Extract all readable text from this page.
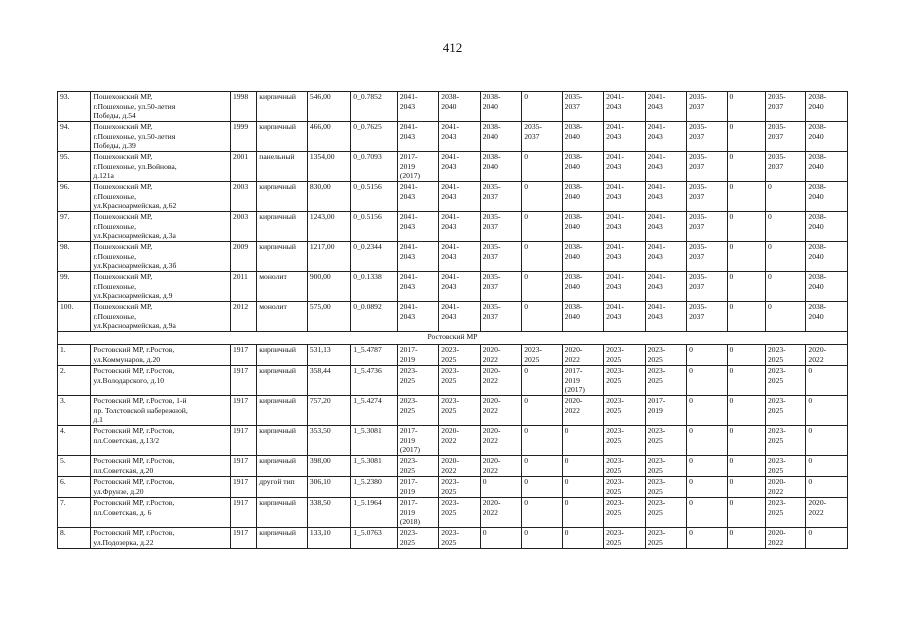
412
93.	Пошехонский МР,
г.Пошехонье, ул.50-летия
Победы, д.54	1998	кирпичный	546,00	0_0.7852	2041-
2043	2038-
2040	2038-
2040	0	2035-
2037	2041-
2043	2041-
2043	2035-
2037	0	2035-
2037	2038-
2040
94.	Пошехонский МР,
г.Пошехонье, ул.50-летия
Победы, д.39	1999	кирпичный	466,00	0_0.7625	2041-
2043	2041-
2043	2038-
2040	2035-
2037	2038-
2040	2041-
2043	2041-
2043	2035-
2037	0	2035-
2037	2038-
2040
95.	Пошехонский МР,
г.Пошехонье, ул.Войнова,
д.121а	2001	панельный	1354,00	0_0.7093	2017-
2019
(2017)	2041-
2043	2038-
2040	0	2038-
2040	2041-
2043	2041-
2043	2035-
2037	0	2035-
2037	2038-
2040
96.	Пошехонский МР,
г.Пошехонье,
ул.Красноармейская, д.62	2003	кирпичный	830,00	0_0.5156	2041-
2043	2041-
2043	2035-
2037	0	2038-
2040	2041-
2043	2041-
2043	2035-
2037	0	0	2038-
2040
97.	Пошехонский МР,
г.Пошехонье,
ул.Красноармейская, д.3а	2003	кирпичный	1243,00	0_0.5156	2041-
2043	2041-
2043	2035-
2037	0	2038-
2040	2041-
2043	2041-
2043	2035-
2037	0	0	2038-
2040
98.	Пошехонский МР,
г.Пошехонье,
ул.Красноармейская, д.3б	2009	кирпичный	1217,00	0_0.2344	2041-
2043	2041-
2043	2035-
2037	0	2038-
2040	2041-
2043	2041-
2043	2035-
2037	0	0	2038-
2040
99.	Пошехонский МР,
г.Пошехонье,
ул.Красноармейская, д.9	2011	монолит	900,00	0_0.1338	2041-
2043	2041-
2043	2035-
2037	0	2038-
2040	2041-
2043	2041-
2043	2035-
2037	0	0	2038-
2040
100.	Пошехонский МР,
г.Пошехонье,
ул.Красноармейская, д.9а	2012	монолит	575,00	0_0.0892	2041-
2043	2041-
2043	2035-
2037	0	2038-
2040	2041-
2043	2041-
2043	2035-
2037	0	0	2038-
2040
Ростовский МР																
1.	Ростовский МР, г.Ростов,
ул.Коммунаров, д.20	1917	кирпичный	531,13	1_5.4787	2017-
2019	2023-
2025	2020-
2022	2023-
2025	2020-
2022	2023-
2025	2023-
2025	0	0	2023-
2025	2020-
2022
2.	Ростовский МР, г.Ростов,
ул.Володарского, д.10	1917	кирпичный	358,44	1_5.4736	2023-
2025	2023-
2025	2020-
2022	0	2017-
2019
(2017)	2023-
2025	2023-
2025	0	0	2023-
2025	0
3.	Ростовский МР, г.Ростов, 1-й
пр. Толстовской набережной,
д.1	1917	кирпичный	757,20	1_5.4274	2023-
2025	2023-
2025	2020-
2022	0	2020-
2022	2023-
2025	2017-
2019	0	0	2023-
2025	0
4.	Ростовский МР, г.Ростов,
пл.Советская, д.13/2	1917	кирпичный	353,50	1_5.3081	2017-
2019
(2017)	2020-
2022	2020-
2022	0	0	2023-
2025	2023-
2025	0	0	2023-
2025	0
5.	Ростовский МР, г.Ростов,
пл.Советская, д.20	1917	кирпичный	398,00	1_5.3081	2023-
2025	2020-
2022	2020-
2022	0	0	2023-
2025	2023-
2025	0	0	2023-
2025	0
6.	Ростовский МР, г.Ростов,
ул.Фрунзе, д.20	1917	другой тип	306,10	1_5.2380	2017-
2019	2023-
2025	0	0	0	2023-
2025	2023-
2025	0	0	2020-
2022	0
7.	Ростовский МР, г.Ростов,
пл.Советская, д. 6	1917	кирпичный	338,50	1_5.1964	2017-
2019
(2018)	2023-
2025	2020-
2022	0	0	2023-
2025	2023-
2025	0	0	2023-
2025	2020-
2022
8.	Ростовский МР, г.Ростов,
ул.Подозерка, д.22	1917	кирпичный	133,10	1_5.0763	2023-
2025	2023-
2025	0	0	0	2023-
2025	2023-
2025	0	0	2020-
2022	0
